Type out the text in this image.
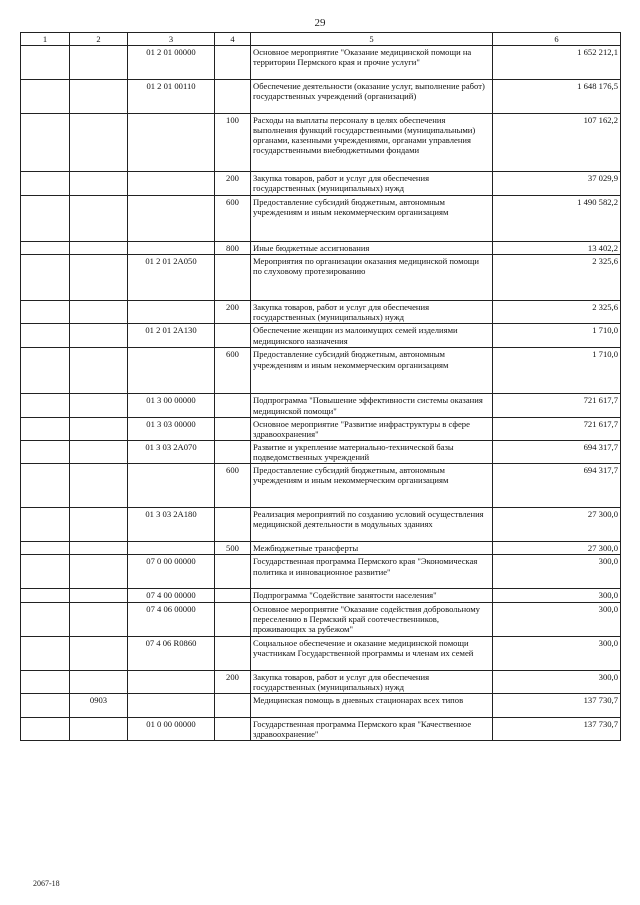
29
1	2	3	4	5	6
		01 2 01 00000		Основное мероприятие "Оказание медицинской помощи на территории Пермского края и прочие услуги"	1 652 212,1
		01 2 01 00110		Обеспечение деятельности (оказание услуг, выполнение работ) государственных учреждений (организаций)	1 648 176,5
			100	Расходы на выплаты персоналу в целях обеспечения выполнения функций государственными (муниципальными) органами, казенными учреждениями, органами управления государственными внебюджетными фондами	107 162,2
			200	Закупка товаров, работ и услуг для обеспечения государственных (муниципальных) нужд	37 029,9
			600	Предоставление субсидий бюджетным, автономным учреждениям и иным некоммерческим организациям	1 490 582,2
			800	Иные бюджетные ассигнования	13 402,2
		01 2 01 2А050		Мероприятия по организации оказания медицинской помощи по слуховому протезированию	2 325,6
			200	Закупка товаров, работ и услуг для обеспечения государственных (муниципальных) нужд	2 325,6
		01 2 01 2А130		Обеспечение женщин из малоимущих семей изделиями медицинского назначения	1 710,0
			600	Предоставление субсидий бюджетным, автономным учреждениям и иным некоммерческим организациям	1 710,0
		01 3 00 00000		Подпрограмма "Повышение эффективности системы оказания медицинской помощи"	721 617,7
		01 3 03 00000		Основное мероприятие "Развитие инфраструктуры в сфере здравоохранения"	721 617,7
		01 3 03 2А070		Развитие и укрепление материально-технической базы подведомственных учреждений	694 317,7
			600	Предоставление субсидий бюджетным, автономным учреждениям и иным некоммерческим организациям	694 317,7
		01 3 03 2А180		Реализация мероприятий по созданию условий осуществления медицинской деятельности в модульных зданиях	27 300,0
			500	Межбюджетные трансферты	27 300,0
		07 0 00 00000		Государственная программа Пермского края "Экономическая политика и инновационное развитие"	300,0
		07 4 00 00000		Подпрограмма "Содействие занятости населения"	300,0
		07 4 06 00000		Основное мероприятие "Оказание содействия добровольному переселению в Пермский край соотечественников, проживающих за рубежом"	300,0
		07 4 06 R0860		Социальное обеспечение и оказание медицинской помощи участникам Государственной программы и членам их семей	300,0
			200	Закупка товаров, работ и услуг для обеспечения государственных (муниципальных) нужд	300,0
	0903			Медицинская помощь в дневных стационарах всех типов	137 730,7
		01 0 00 00000		Государственная программа Пермского края "Качественное здравоохранение"	137 730,7
2067-18
